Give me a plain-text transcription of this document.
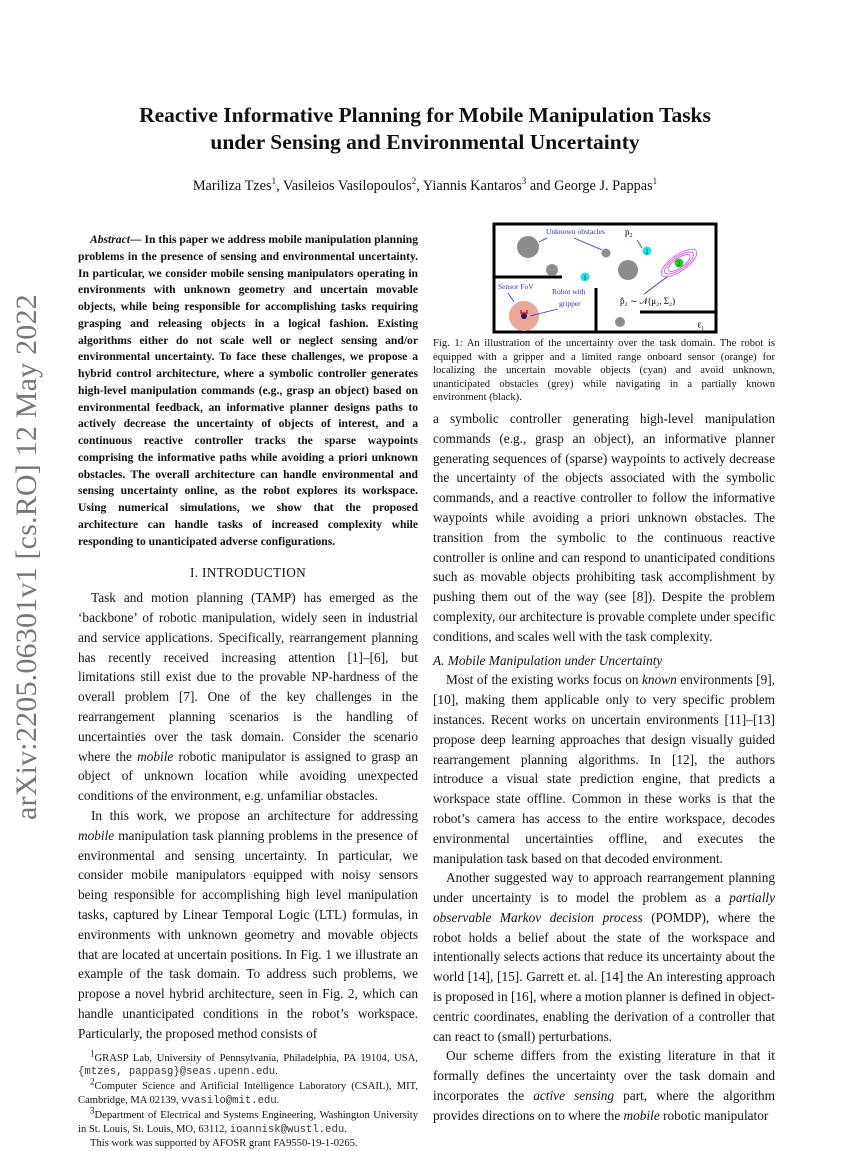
arXiv:2205.06301v1 [cs.RO] 12 May 2022
Reactive Informative Planning for Mobile Manipulation Tasks
under Sensing and Environmental Uncertainty
Mariliza Tzes$^1$, Vasileios Vasilopoulos$^2$, Yiannis Kantaros$^3$ and George J. Pappas$^1$

Abstract— In this paper we address mobile manipulation planning problems in the presence of sensing and environmental uncertainty. In particular, we consider mobile sensing manipulators operating in environments with unknown geometry and uncertain movable objects, while being responsible for accomplishing tasks requiring grasping and releasing objects in a logical fashion. Existing algorithms either do not scale well or neglect sensing and/or environmental uncertainty. To face these challenges, we propose a hybrid control architecture, where a symbolic controller generates high-level manipulation commands (e.g., grasp an object) based on environmental feedback, an informative planner designs paths to actively decrease the uncertainty of objects of interest, and a continuous reactive controller tracks the sparse waypoints comprising the informative paths while avoiding a priori unknown obstacles. The overall architecture can handle environmental and sensing uncertainty online, as the robot explores its workspace. Using numerical simulations, we show that the proposed architecture can handle tasks of increased complexity while responding to unanticipated adverse configurations.

I. INTRODUCTION

Task and motion planning (TAMP) has emerged as the ‘backbone’ of robotic manipulation, widely seen in industrial and service applications. Specifically, rearrangement planning has recently received increasing attention [1]–[6], but limitations still exist due to the provable NP-hardness of the overall problem [7]. One of the key challenges in the rearrangement planning scenarios is the handling of uncertainties over the task domain. Consider the scenario where the mobile robotic manipulator is assigned to grasp an object of unknown location while avoiding unexpected conditions of the environment, e.g. unfamiliar obstacles.

In this work, we propose an architecture for addressing mobile manipulation task planning problems in the presence of environmental and sensing uncertainty. In particular, we consider mobile manipulators equipped with noisy sensors being responsible for accomplishing high level manipulation tasks, captured by Linear Temporal Logic (LTL) formulas, in environments with unknown geometry and movable objects that are located at uncertain positions. In Fig. 1 we illustrate an example of the task domain. To address such problems, we propose a novel hybrid architecture, seen in Fig. 2, which can handle unanticipated conditions in the robot’s workspace. Particularly, the proposed method consists of

$^1$GRASP Lab, University of Pennsylvania, Philadelphia, PA 19104, USA, {mtzes, pappasg}@seas.upenn.edu.

$^2$Computer Science and Artificial Intelligence Laboratory (CSAIL), MIT, Cambridge, MA 02139, vvasilo@mit.edu.

$^3$Department of Electrical and Systems Engineering, Washington University in St. Louis, St. Louis, MO, 63112, ioannisk@wustl.edu.

This work was supported by AFOSR grant FA9550-19-1-0265.

Unknown obstacles $p_2$
2
1
2
p̂₂ ∼ 𝒩(μ₂, Σ₂)
ℓ₁
Sensor FoV
Robot with
gripper
Fig. 1: An illustration of the uncertainty over the task domain. The robot is equipped with a gripper and a limited range onboard sensor (orange) for localizing the uncertain movable objects (cyan) and avoid unknown, unanticipated obstacles (grey) while navigating in a partially known environment (black).

a symbolic controller generating high-level manipulation commands (e.g., grasp an object), an informative planner generating sequences of (sparse) waypoints to actively decrease the uncertainty of the objects associated with the symbolic commands, and a reactive controller to follow the informative waypoints while avoiding a priori unknown obstacles. The transition from the symbolic to the continuous reactive controller is online and can respond to unanticipated conditions such as movable objects prohibiting task accomplishment by pushing them out of the way (see [8]). Despite the problem complexity, our architecture is provable complete under specific conditions, and scales well with the task complexity.

A. Mobile Manipulation under Uncertainty

Most of the existing works focus on known environments [9], [10], making them applicable only to very specific problem instances. Recent works on uncertain environments [11]–[13] propose deep learning approaches that design visually guided rearrangement planning algorithms. In [12], the authors introduce a visual state prediction engine, that predicts a workspace state offline. Common in these works is that the robot’s camera has access to the entire workspace, decodes environmental uncertainties offline, and executes the manipulation task based on that decoded environment.

Another suggested way to approach rearrangement planning under uncertainty is to model the problem as a partially observable Markov decision process (POMDP), where the robot holds a belief about the state of the workspace and intentionally selects actions that reduce its uncertainty about the world [14], [15]. Garrett et. al. [14] the An interesting approach is proposed in [16], where a motion planner is defined in object-centric coordinates, enabling the derivation of a controller that can react to (small) perturbations.

Our scheme differs from the existing literature in that it formally defines the uncertainty over the task domain and incorporates the active sensing part, where the algorithm provides directions on to where the mobile robotic manipulator
